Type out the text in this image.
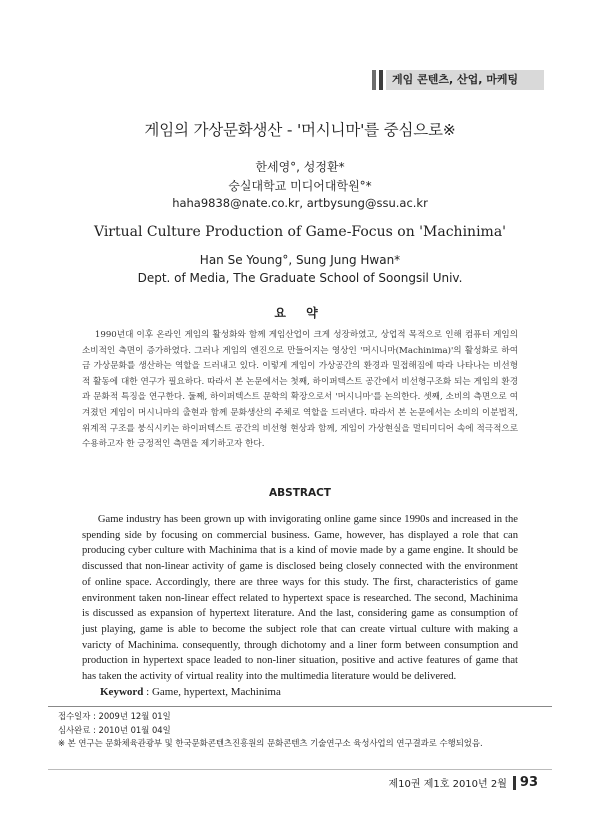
게임 콘텐츠, 산업, 마케팅
게임의 가상문화생산 - '머시니마'를 중심으로※
한세영°, 성정환*
숭실대학교 미디어대학원°*
haha9838@nate.co.kr, artbysung@ssu.ac.kr
Virtual Culture Production of Game-Focus on 'Machinima'
Han Se Young°, Sung Jung Hwan*
Dept. of Media, The Graduate School of Soongsil Univ.
요 약

1990년대 이후 온라인 게임의 활성화와 함께 게임산업이 크게 성장하였고, 상업적 목적으로 인해 컴퓨터 게임의 소비적인 측면이 증가하였다. 그러나 게임의 엔진으로 만들어지는 영상인 '머시니마(Machinima)'의 활성화로 하여금 가상문화를 생산하는 역할을 드러내고 있다. 이렇게 게임이 가상공간의 환경과 밀접해짐에 따라 나타나는 비선형적 활동에 대한 연구가 필요하다. 따라서 본 논문에서는 첫째, 하이퍼텍스트 공간에서 비선형구조화 되는 게임의 환경과 문화적 특징을 연구한다. 둘째, 하이퍼텍스트 문학의 확장으로서 '머시니마'를 논의한다. 셋째, 소비의 측면으로 여겨졌던 게임이 머시니마의 출현과 함께 문화생산의 주체로 역할을 드러낸다. 따라서 본 논문에서는 소비의 이분법적, 위계적 구조를 붕식시키는 하이퍼텍스트 공간의 비선형 현상과 함께, 게임이 가상현실을 멀티미디어 속에 적극적으로 수용하고자 한 긍정적인 측면을 제기하고자 한다.

ABSTRACT

Game industry has been grown up with invigorating online game since 1990s and increased in the spending side by focusing on commercial business. Game, however, has displayed a role that can producing cyber culture with Machinima that is a kind of movie made by a game engine. It should be discussed that non-linear activity of game is disclosed being closely connected with the environment of online space. Accordingly, there are three ways for this study. The first, characteristics of game environment taken non-linear effect related to hypertext space is researched. The second, Machinima is discussed as expansion of hypertext literature. And the last, considering game as consumption of just playing, game is able to become the subject role that can create virtual culture with making a varicty of Machinima. consequently, through dichotomy and a liner form between consumption and production in hypertext space leaded to non-liner situation, positive and active features of game that has taken the activity of virtual reality into the multimedia literature would be delivered.

Keyword : Game, hypertext, Machinima
접수일자 : 2009년 12월 01일
심사완료 : 2010년 01월 04일
※ 본 연구는 문화체육관광부 및 한국문화콘텐츠진흥원의 문화콘텐츠 기술연구소 육성사업의 연구결과로 수행되었음.
제10권 제1호 2010년 2월 93
